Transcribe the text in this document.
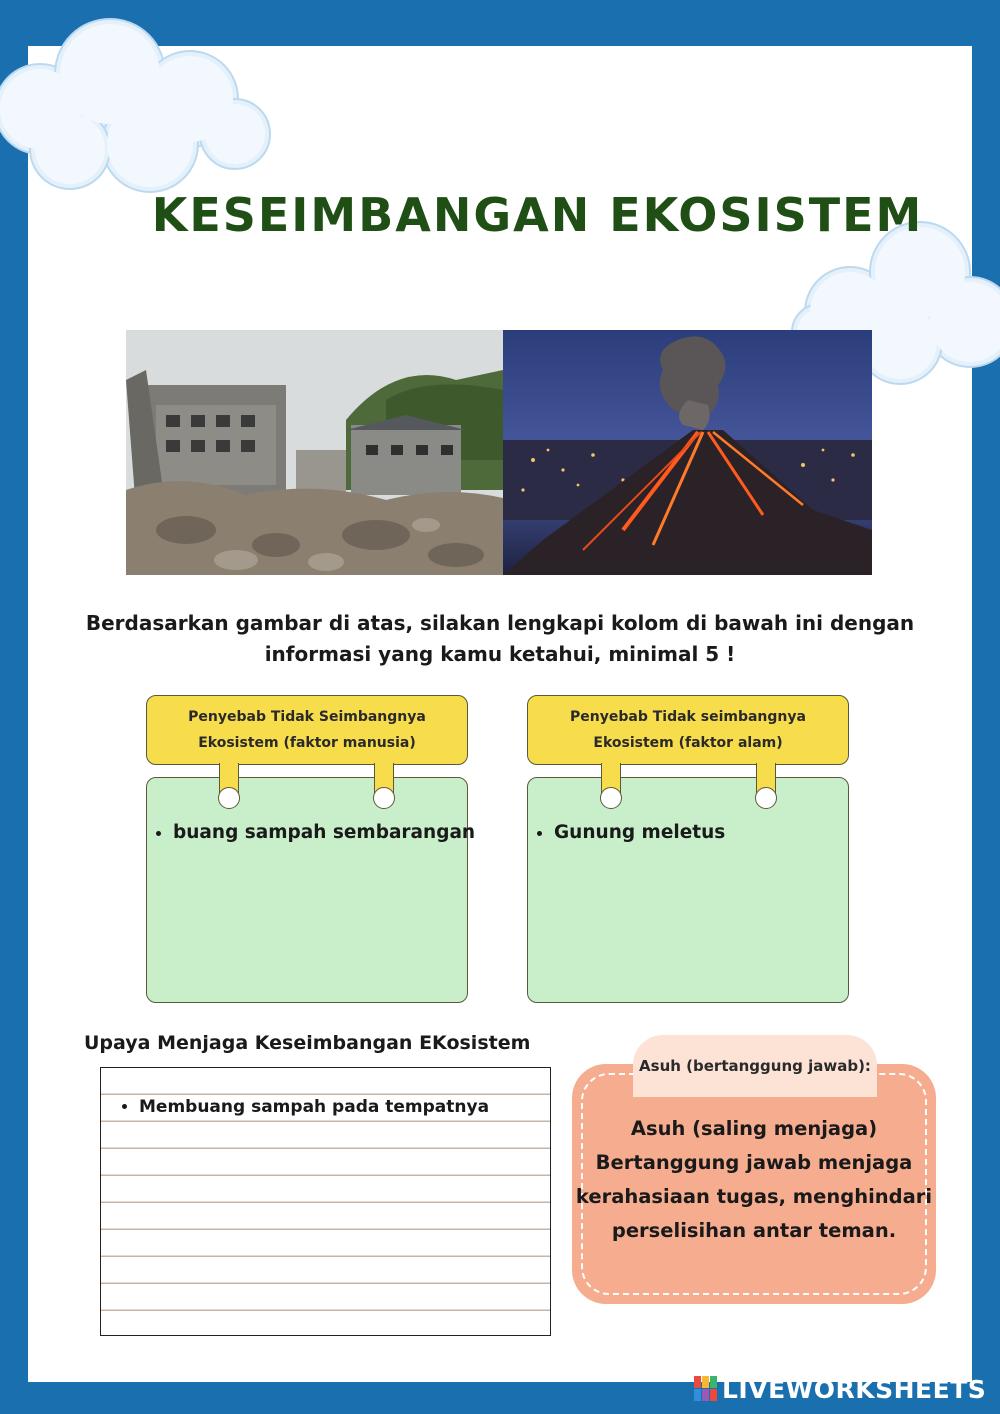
KESEIMBANGAN EKOSISTEM
Berdasarkan gambar di atas, silakan lengkapi kolom di bawah ini dengan
informasi yang kamu ketahui, minimal 5 !
Penyebab Tidak Seimbangnya
Ekosistem (faktor manusia)
• buang sampah sembarangan
Penyebab Tidak seimbangnya
Ekosistem (faktor alam)
• Gunung meletus
Upaya Menjaga Keseimbangan EKosistem
• Membuang sampah pada tempatnya
Asuh (bertanggung jawab):
Asuh (saling menjaga)
Bertanggung jawab menjaga
kerahasiaan tugas, menghindari
perselisihan antar teman.
LIVEWORKSHEETS
